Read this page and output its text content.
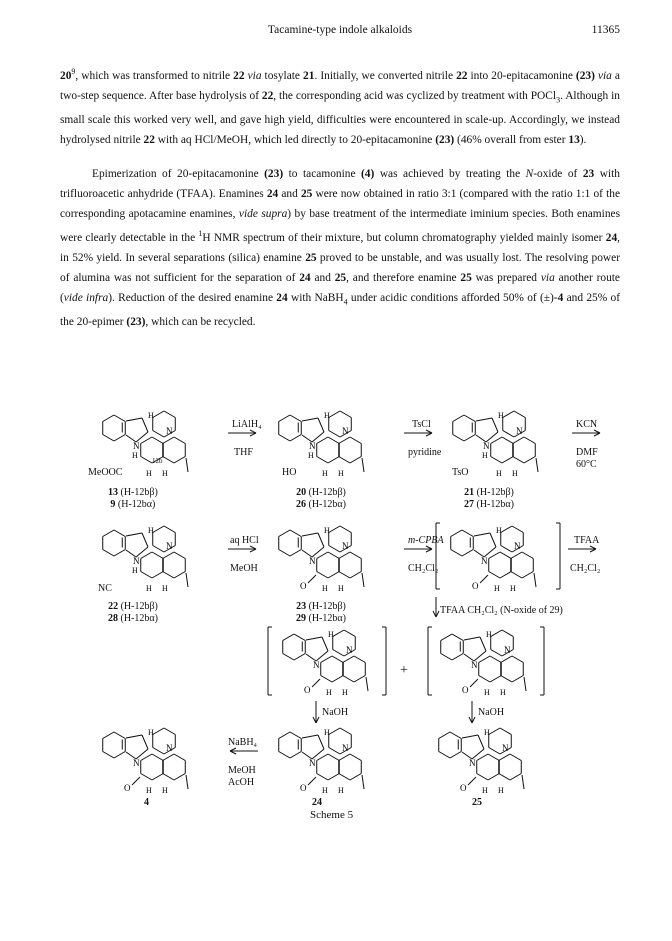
Tacamine-type indole alkaloids	11365

$20^9$, which was transformed to nitrile 22 via tosylate 21. Initially, we converted nitrile 22 into 20-epitacamonine (23) via a two-step sequence. After base hydrolysis of 22, the corresponding acid was cyclized by treatment with POCl$_3$. Although in small scale this worked very well, and gave high yield, difficulties were encountered in scale-up. Accordingly, we instead hydrolysed nitrile 22 with aq HCl/MeOH, which led directly to 20-epitacamonine (23) (46% overall from ester 13).

Epimerization of 20-epitacamonine (23) to tacamonine (4) was achieved by treating the N-oxide of 23 with trifluoroacetic anhydride (TFAA). Enamines 24 and 25 were now obtained in ratio 3:1 (compared with the ratio 1:1 of the corresponding apotacamine enamines, vide supra) by base treatment of the intermediate iminium species. Both enamines were clearly detectable in the $^1$H NMR spectrum of their mixture, but column chromatography yielded mainly isomer 24, in 52% yield. In several separations (silica) enamine 25 proved to be unstable, and was usually lost. The resolving power of alumina was not sufficient for the separation of 24 and 25, and therefore enamine 25 was prepared via another route (vide infra). Reduction of the desired enamine 24 with NaBH$_4$ under acidic conditions afforded 50% of (±)-4 and 25% of the 20-epimer (23), which can be recycled.

N
N
H
H H
H
N
N
H
H H
H
N
N
H
H H
H
N
N
H
H H
H
N
N
H
H H
O
N
N
H
H H
O
N
N
H
H H
O
N
N
H
H H
O
N
N
H
H H
O
N
N
H
H H
O
N
N
H
H H
O
LiAlH₄
THF
TsCl
pyridine
KCN
DMF
60°C
aq HCl
MeOH
m-CPBA
CH₂Cl₂
TFAA
CH₂Cl₂
TFAA CH₂Cl₂ (N-oxide of 29)
NaOH	NaOH
NaBH₄
MeOH
AcOH
+
MeOOC
12b
HO	TsO
NC
13 (H-12bβ)
9 (H-12bα)
20 (H-12bβ)
26 (H-12bα)
21 (H-12bβ)
27 (H-12bα)
22 (H-12bβ)
28 (H-12bα)
23 (H-12bβ)
29 (H-12bα)
4	24	25
Scheme 5
